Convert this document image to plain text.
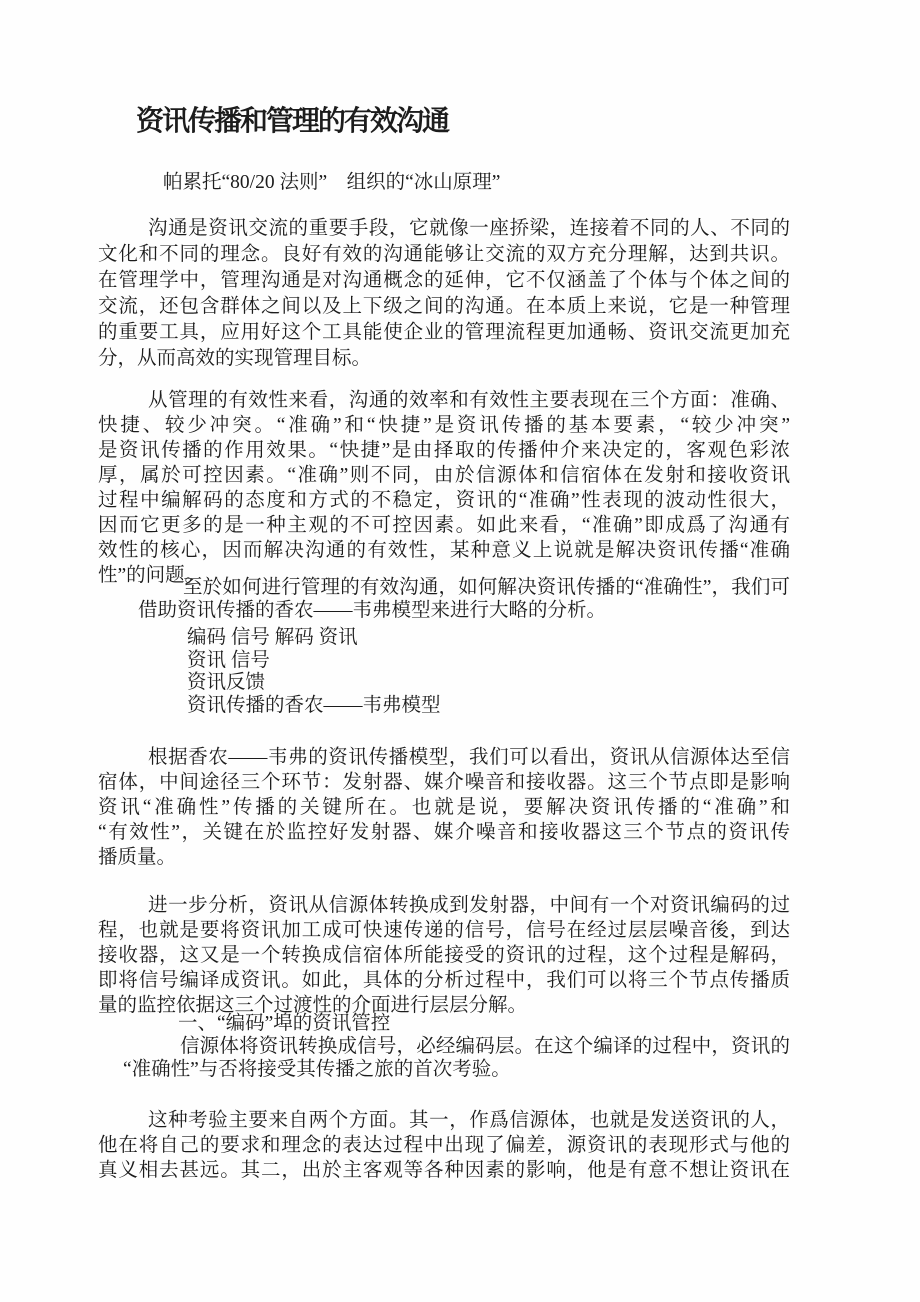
资讯传播和管理的有效沟通
帕累托“80/20 法则”　组织的“冰山原理”
沟通是资讯交流的重要手段，它就像一座挢梁，连接着不同的人、不同的
文化和不同的理念。良好有效的沟通能够让交流的双方充分理解，达到共识。
在管理学中，管理沟通是对沟通概念的延伸，它不仅涵盖了个体与个体之间的
交流，还包含群体之间以及上下级之间的沟通。在本质上来说，它是一种管理
的重要工具，应用好这个工具能使企业的管理流程更加通畅、资讯交流更加充
分，从而高效的实现管理目标。
从管理的有效性来看，沟通的效率和有效性主要表现在三个方面：准确、
快捷、较少冲突。“准确”和“快捷”是资讯传播的基本要素，“较少冲突”
是资讯传播的作用效果。“快捷”是由择取的传播仲介来决定的，客观色彩浓
厚，属於可控因素。“准确”则不同，由於信源体和信宿体在发射和接收资讯
过程中编解码的态度和方式的不稳定，资讯的“准确”性表现的波动性很大，
因而它更多的是一种主观的不可控因素。如此来看，“准确”即成爲了沟通有
效性的核心，因而解决沟通的有效性，某种意义上说就是解决资讯传播“准确
性”的问题。
至於如何进行管理的有效沟通，如何解决资讯传播的“准确性”，我们可
借助资讯传播的香农——韦弗模型来进行大略的分析。
编码 信号 解码 资讯
资讯 信号
资讯反馈
资讯传播的香农——韦弗模型
根据香农——韦弗的资讯传播模型，我们可以看出，资讯从信源体达至信
宿体，中间途径三个环节：发射器、媒介噪音和接收器。这三个节点即是影响
资讯“准确性”传播的关键所在。也就是说，要解决资讯传播的“准确”和
“有效性”，关键在於监控好发射器、媒介噪音和接收器这三个节点的资讯传
播质量。
进一步分析，资讯从信源体转换成到发射器，中间有一个对资讯编码的过
程，也就是要将资讯加工成可快速传递的信号，信号在经过层层噪音後，到达
接收器，这又是一个转换成信宿体所能接受的资讯的过程，这个过程是解码，
即将信号编译成资讯。如此，具体的分析过程中，我们可以将三个节点传播质
量的监控依据这三个过渡性的介面进行层层分解。
一、“编码”埠的资讯管控
信源体将资讯转换成信号，必经编码层。在这个编译的过程中，资讯的
“准确性”与否将接受其传播之旅的首次考验。
这种考验主要来自两个方面。其一，作爲信源体，也就是发送资讯的人，
他在将自己的要求和理念的表达过程中出现了偏差，源资讯的表现形式与他的
真义相去甚远。其二，出於主客观等各种因素的影响，他是有意不想让资讯在
